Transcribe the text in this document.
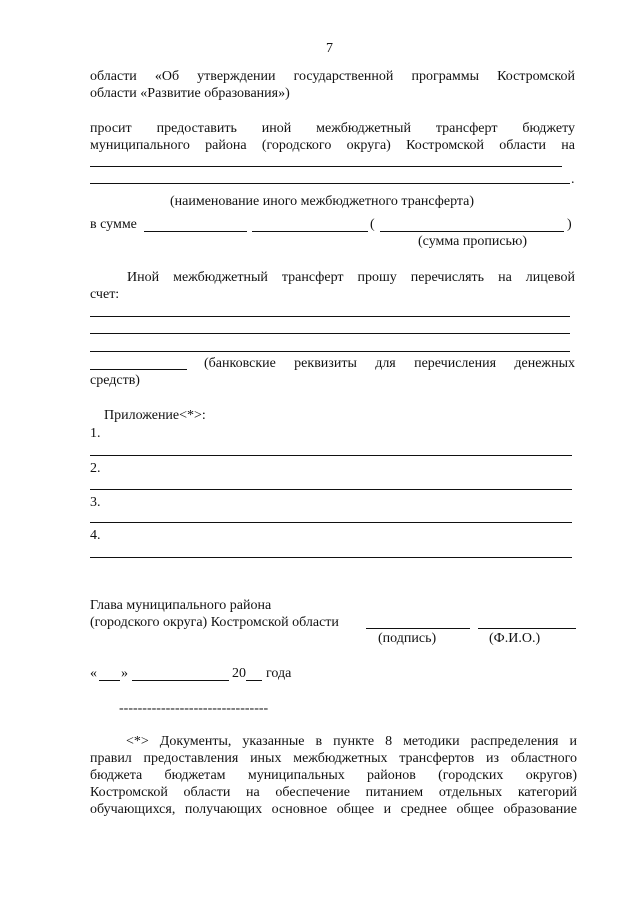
7
области «Об утверждении государственной программы Костромской
области «Развитие образования»)
просит предоставить иной межбюджетный трансферт бюджету
муниципального района (городского округа) Костромской области на
.
(наименование иного межбюджетного трансферта)
в сумме	(	)
(сумма прописью)
Иной межбюджетный трансферт прошу перечислять на лицевой
счет:
(банковские реквизиты для перечисления денежных
средств)
Приложение<*>:
1.
2.
3.
4.
Глава муниципального района
(городского округа) Костромской области
(подпись)	(Ф.И.О.)
« »	20 года
--------------------------------
<*> Документы, указанные в пункте 8 методики распределения и
правил предоставления иных межбюджетных трансфертов из областного
бюджета бюджетам муниципальных районов (городских округов)
Костромской области на обеспечение питанием отдельных категорий
обучающихся, получающих основное общее и среднее общее образование
